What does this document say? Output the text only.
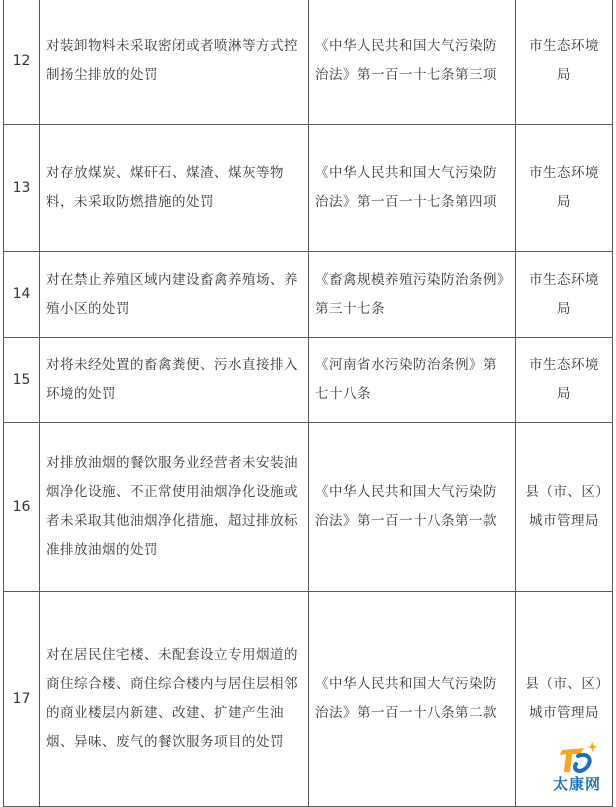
12	对装卸物料未采取密闭或者喷淋等方式控制扬尘排放的处罚	《中华人民共和国大气污染防治法》第一百一十七条第三项	市生态环境局
13	对存放煤炭、煤矸石、煤渣、煤灰等物料，未采取防燃措施的处罚	《中华人民共和国大气污染防治法》第一百一十七条第四项	市生态环境局
14	对在禁止养殖区域内建设畜禽养殖场、养殖小区的处罚	《畜禽规模养殖污染防治条例》第三十七条	市生态环境局
15	对将未经处置的畜禽粪便、污水直接排入环境的处罚	《河南省水污染防治条例》第七十八条	市生态环境局
16	对排放油烟的餐饮服务业经营者未安装油烟净化设施、不正常使用油烟净化设施或者未采取其他油烟净化措施，超过排放标准排放油烟的处罚	《中华人民共和国大气污染防治法》第一百一十八条第一款	县（市、区）城市管理局
17	对在居民住宅楼、未配套设立专用烟道的商住综合楼、商住综合楼内与居住层相邻的商业楼层内新建、改建、扩建产生油烟、异味、废气的餐饮服务项目的处罚	《中华人民共和国大气污染防治法》第一百一十八条第二款	县（市、区）城市管理局
太康网
